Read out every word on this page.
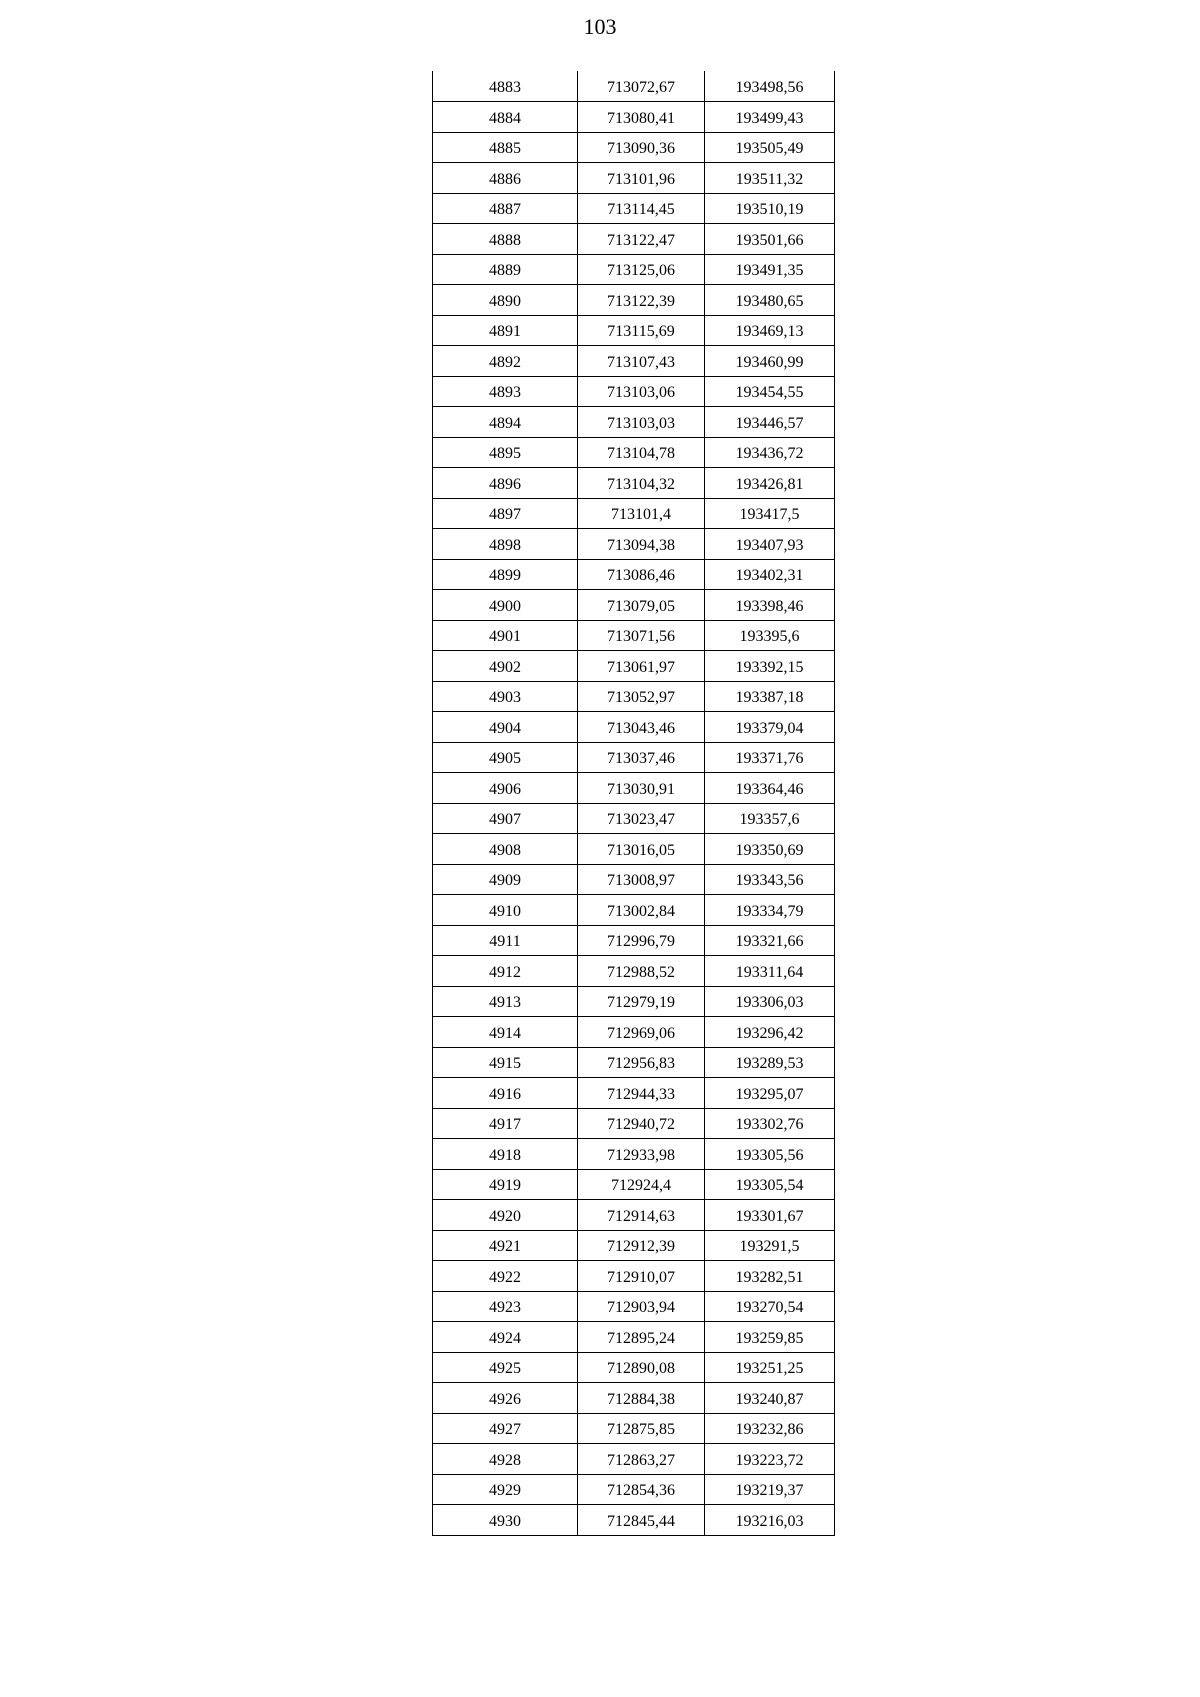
103
4883	713072,67	193498,56
4884	713080,41	193499,43
4885	713090,36	193505,49
4886	713101,96	193511,32
4887	713114,45	193510,19
4888	713122,47	193501,66
4889	713125,06	193491,35
4890	713122,39	193480,65
4891	713115,69	193469,13
4892	713107,43	193460,99
4893	713103,06	193454,55
4894	713103,03	193446,57
4895	713104,78	193436,72
4896	713104,32	193426,81
4897	713101,4	193417,5
4898	713094,38	193407,93
4899	713086,46	193402,31
4900	713079,05	193398,46
4901	713071,56	193395,6
4902	713061,97	193392,15
4903	713052,97	193387,18
4904	713043,46	193379,04
4905	713037,46	193371,76
4906	713030,91	193364,46
4907	713023,47	193357,6
4908	713016,05	193350,69
4909	713008,97	193343,56
4910	713002,84	193334,79
4911	712996,79	193321,66
4912	712988,52	193311,64
4913	712979,19	193306,03
4914	712969,06	193296,42
4915	712956,83	193289,53
4916	712944,33	193295,07
4917	712940,72	193302,76
4918	712933,98	193305,56
4919	712924,4	193305,54
4920	712914,63	193301,67
4921	712912,39	193291,5
4922	712910,07	193282,51
4923	712903,94	193270,54
4924	712895,24	193259,85
4925	712890,08	193251,25
4926	712884,38	193240,87
4927	712875,85	193232,86
4928	712863,27	193223,72
4929	712854,36	193219,37
4930	712845,44	193216,03
